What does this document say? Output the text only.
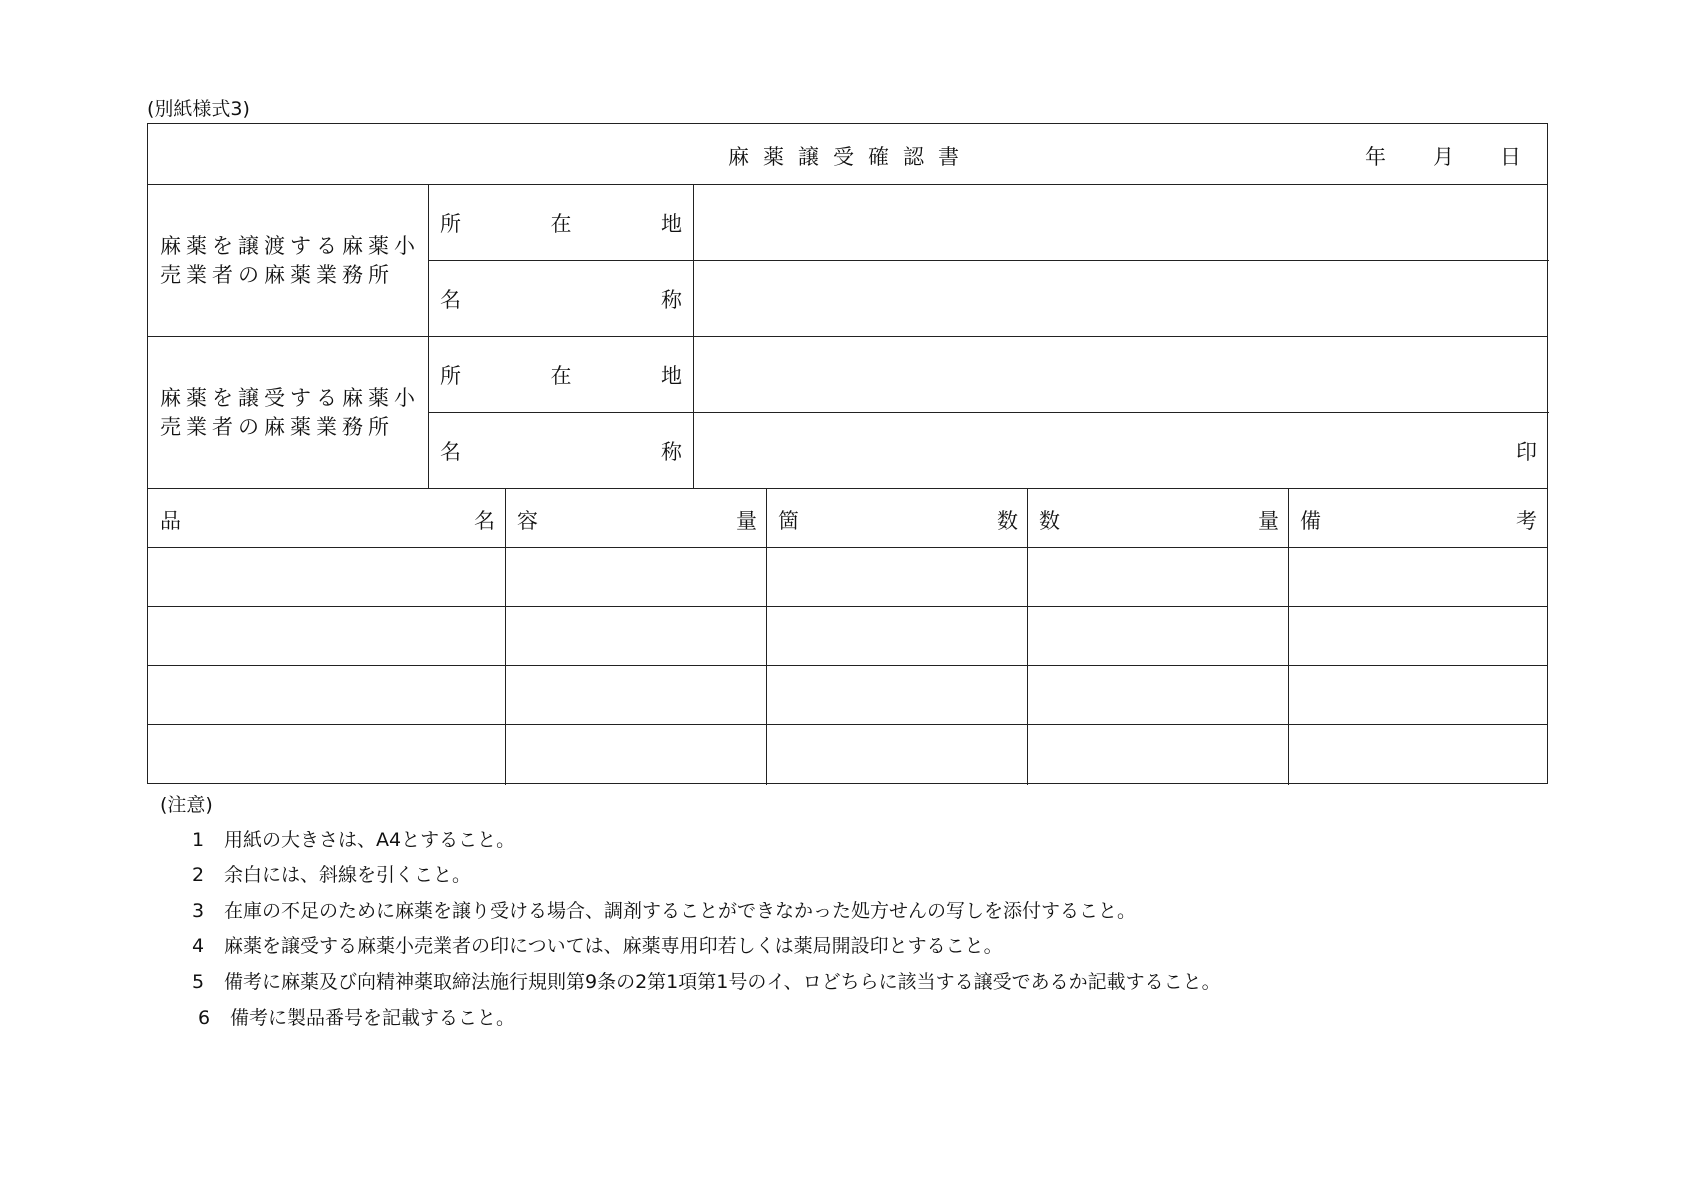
(別紙様式3)
麻薬譲受確認書	年 月 日
麻薬を譲渡する麻薬小売業者の麻薬業務所
所	在	地
名	称
麻薬を譲受する麻薬小売業者の麻薬業務所
所	在	地
名	称	印
品	名 容	量 箇	数 数	量 備	考
(注意)
1 用紙の大きさは、A4とすること。
2 余白には、斜線を引くこと。
3 在庫の不足のために麻薬を譲り受ける場合、調剤することができなかった処方せんの写しを添付すること。
4 麻薬を譲受する麻薬小売業者の印については、麻薬専用印若しくは薬局開設印とすること。
5 備考に麻薬及び向精神薬取締法施行規則第9条の2第1項第1号のイ、ロどちらに該当する譲受であるか記載すること。
6 備考に製品番号を記載すること。
